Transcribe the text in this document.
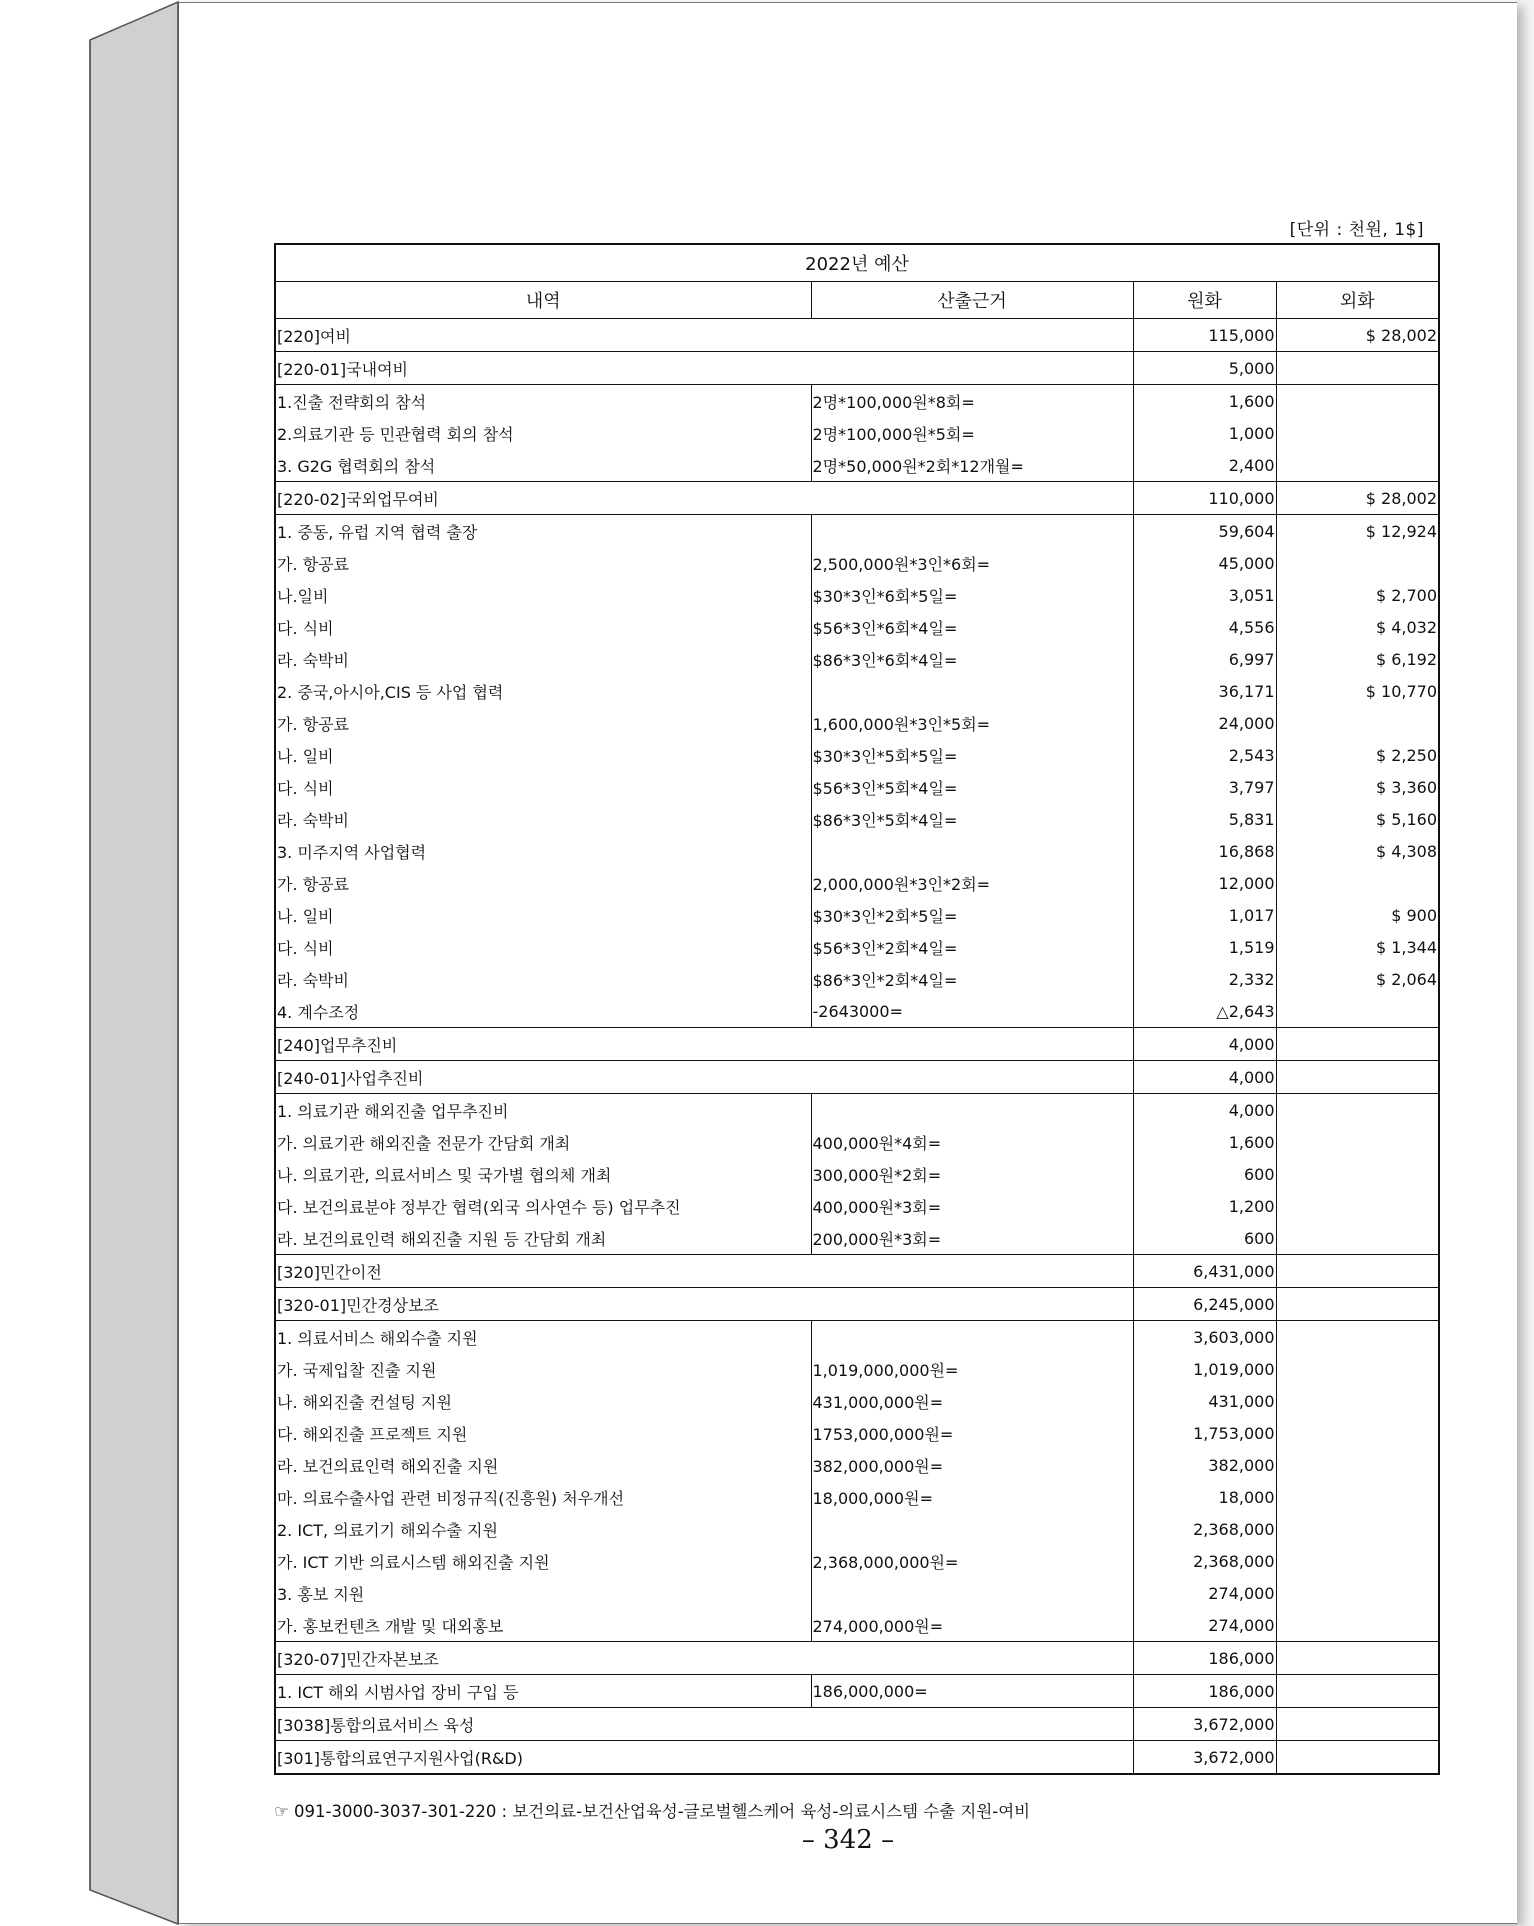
[단위 : 천원, 1$]
2022년 예산			
내역	산출근거	원화	외화
[220]여비		115,000	$ 28,002
[220-01]국내여비		5,000	
1.진출 전략회의 참석	2명*100,000원*8회=	1,600	
2.의료기관 등 민관협력 회의 참석	2명*100,000원*5회=	1,000	
3. G2G 협력회의 참석	2명*50,000원*2회*12개월=	2,400	
[220-02]국외업무여비		110,000	$ 28,002
1. 중동, 유럽 지역 협력 출장		59,604	$ 12,924
가. 항공료	2,500,000원*3인*6회=	45,000	
나.일비	$30*3인*6회*5일=	3,051	$ 2,700
다. 식비	$56*3인*6회*4일=	4,556	$ 4,032
라. 숙박비	$86*3인*6회*4일=	6,997	$ 6,192
2. 중국,아시아,CIS 등 사업 협력		36,171	$ 10,770
가. 항공료	1,600,000원*3인*5회=	24,000	
나. 일비	$30*3인*5회*5일=	2,543	$ 2,250
다. 식비	$56*3인*5회*4일=	3,797	$ 3,360
라. 숙박비	$86*3인*5회*4일=	5,831	$ 5,160
3. 미주지역 사업협력		16,868	$ 4,308
가. 항공료	2,000,000원*3인*2회=	12,000	
나. 일비	$30*3인*2회*5일=	1,017	$ 900
다. 식비	$56*3인*2회*4일=	1,519	$ 1,344
라. 숙박비	$86*3인*2회*4일=	2,332	$ 2,064
4. 계수조정	-2643000=	△2,643	
[240]업무추진비		4,000	
[240-01]사업추진비		4,000	
1. 의료기관 해외진출 업무추진비		4,000	
가. 의료기관 해외진출 전문가 간담회 개최	400,000원*4회=	1,600	
나. 의료기관, 의료서비스 및 국가별 협의체 개최	300,000원*2회=	600	
다. 보건의료분야 정부간 협력(외국 의사연수 등) 업무추진	400,000원*3회=	1,200	
라. 보건의료인력 해외진출 지원 등 간담회 개최	200,000원*3회=	600	
[320]민간이전		6,431,000	
[320-01]민간경상보조		6,245,000	
1. 의료서비스 해외수출 지원		3,603,000	
가. 국제입찰 진출 지원	1,019,000,000원=	1,019,000	
나. 해외진출 컨설팅 지원	431,000,000원=	431,000	
다. 해외진출 프로젝트 지원	1753,000,000원=	1,753,000	
라. 보건의료인력 해외진출 지원	382,000,000원=	382,000	
마. 의료수출사업 관련 비정규직(진흥원) 처우개선	18,000,000원=	18,000	
2. ICT, 의료기기 해외수출 지원		2,368,000	
가. ICT 기반 의료시스템 해외진출 지원	2,368,000,000원=	2,368,000	
3. 홍보 지원		274,000	
가. 홍보컨텐츠 개발 및 대외홍보	274,000,000원=	274,000	
[320-07]민간자본보조		186,000	
1. ICT 해외 시범사업 장비 구입 등	186,000,000=	186,000	
[3038]통합의료서비스 육성		3,672,000	
[301]통합의료연구지원사업(R&D)		3,672,000	
☞ 091-3000-3037-301-220 : 보건의료-보건산업육성-글로벌헬스케어 육성-의료시스템 수출 지원-여비
– 342 –
